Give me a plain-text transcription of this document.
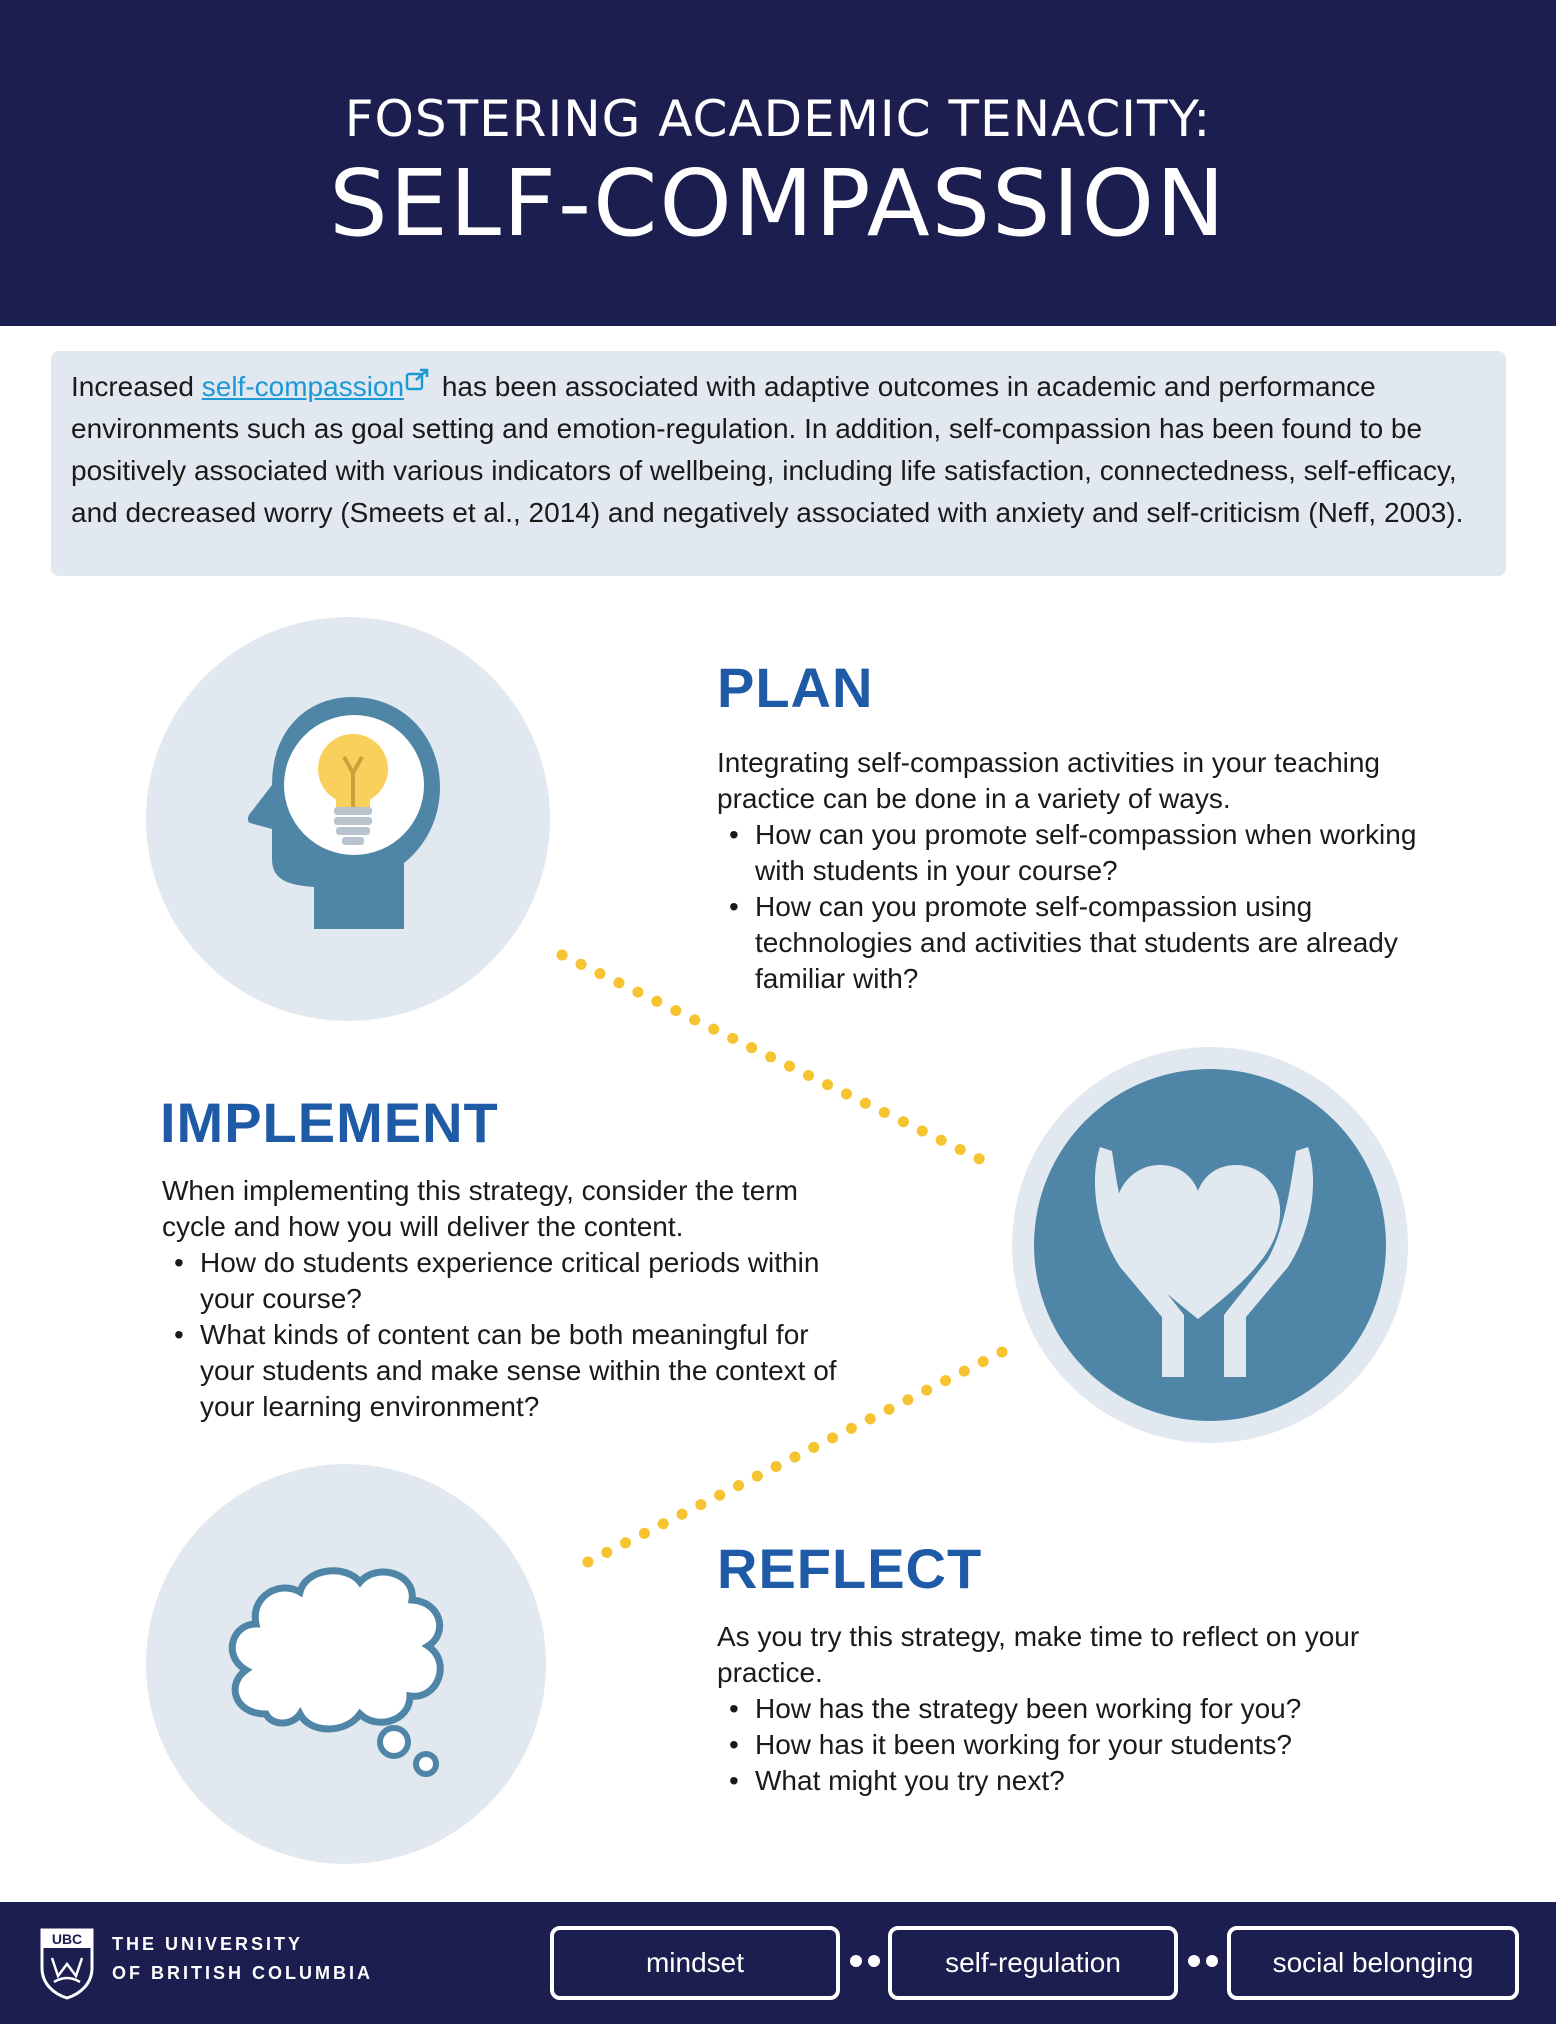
FOSTERING ACADEMIC TENACITY:
SELF-COMPASSION
Increased self-compassion has been associated with adaptive outcomes in academic and performance environments such as goal setting and emotion-regulation. In addition, self-compassion has been found to be positively associated with various indicators of wellbeing, including life satisfaction, connectedness, self-efficacy, and decreased worry (Smeets et al., 2014) and negatively associated with anxiety and self-criticism (Neff, 2003).
PLAN

Integrating self-compassion activities in your teaching practice can be done in a variety of ways.

• How can you promote self-compassion when working with students in your course?
• How can you promote self-compassion using technologies and activities that students are already familiar with?
IMPLEMENT

When implementing this strategy, consider the term cycle and how you will deliver the content.

• How do students experience critical periods within your course?
• What kinds of content can be both meaningful for your students and make sense within the context of your learning environment?
REFLECT

As you try this strategy, make time to reflect on your practice.

• How has the strategy been working for you?
• How has it been working for your students?
• What might you try next?
UBC THE UNIVERSITY
OF BRITISH COLUMBIA	mindset	self-regulation	social belonging
